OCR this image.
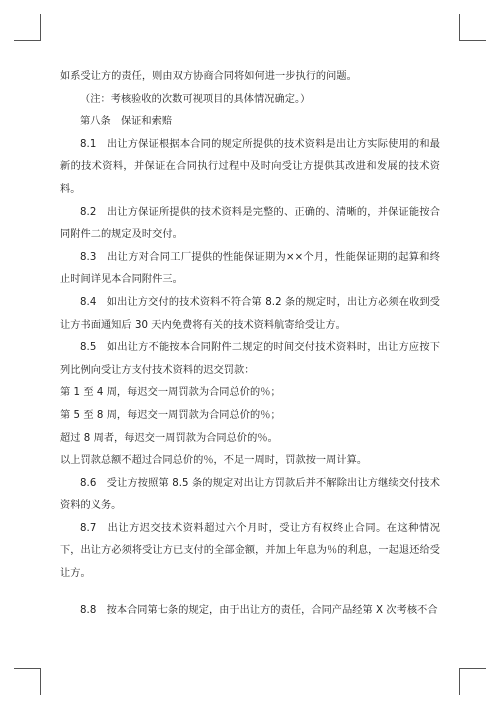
如系受让方的责任，则由双方协商合同将如何进一步执行的问题。

（注：考核验收的次数可视项目的具体情况确定。）

第八条　保证和索赔

8.1　出让方保证根据本合同的规定所提供的技术资料是出让方实际使用的和最新的技术资料，并保证在合同执行过程中及时向受让方提供其改进和发展的技术资料。

8.2　出让方保证所提供的技术资料是完整的、正确的、清晰的，并保证能按合同附件二的规定及时交付。

8.3　出让方对合同工厂提供的性能保证期为××个月，性能保证期的起算和终止时间详见本合同附件三。

8.4　如出让方交付的技术资料不符合第 8.2 条的规定时，出让方必须在收到受让方书面通知后 30 天内免费将有关的技术资料航寄给受让方。

8.5　如出让方不能按本合同附件二规定的时间交付技术资料时，出让方应按下列比例向受让方支付技术资料的迟交罚款：

第 1 至 4 周，每迟交一周罚款为合同总价的％；

第 5 至 8 周，每迟交一周罚款为合同总价的％；

超过 8 周者，每迟交一周罚款为合同总价的％。

以上罚款总额不超过合同总价的％，不足一周时，罚款按一周计算。

8.6　受让方按照第 8.5 条的规定对出让方罚款后并不解除出让方继续交付技术资料的义务。

8.7　出让方迟交技术资料超过六个月时，受让方有权终止合同。在这种情况下，出让方必须将受让方已支付的全部金额，并加上年息为％的利息，一起退还给受让方。

8.8　按本合同第七条的规定，由于出让方的责任，合同产品经第 X 次考核不合
